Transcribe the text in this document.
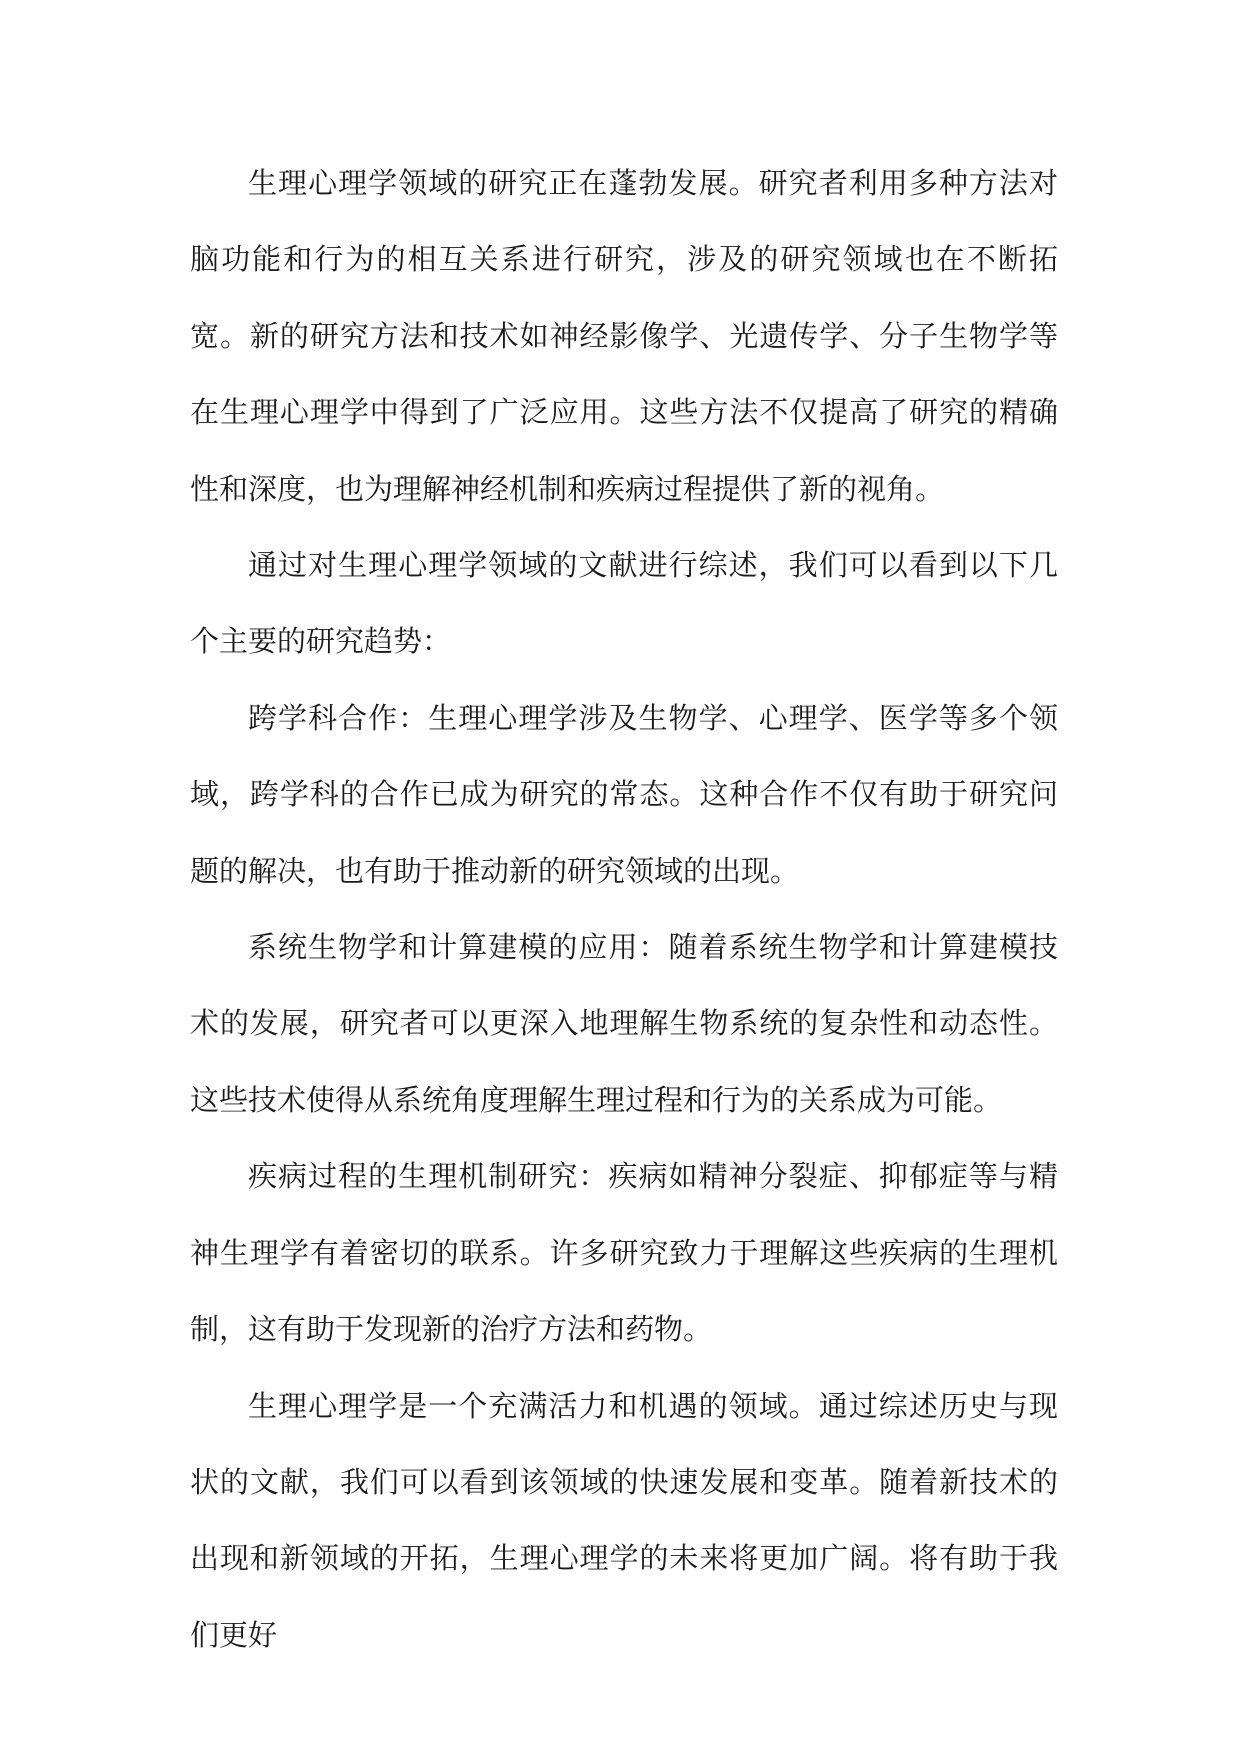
生理心理学领域的研究正在蓬勃发展。研究者利用多种方法对脑功能和行为的相互关系进行研究，涉及的研究领域也在不断拓宽。新的研究方法和技术如神经影像学、光遗传学、分子生物学等在生理心理学中得到了广泛应用。这些方法不仅提高了研究的精确性和深度，也为理解神经机制和疾病过程提供了新的视角。

通过对生理心理学领域的文献进行综述，我们可以看到以下几个主要的研究趋势：

跨学科合作：生理心理学涉及生物学、心理学、医学等多个领域，跨学科的合作已成为研究的常态。这种合作不仅有助于研究问题的解决，也有助于推动新的研究领域的出现。

系统生物学和计算建模的应用：随着系统生物学和计算建模技术的发展，研究者可以更深入地理解生物系统的复杂性和动态性。这些技术使得从系统角度理解生理过程和行为的关系成为可能。

疾病过程的生理机制研究：疾病如精神分裂症、抑郁症等与精神生理学有着密切的联系。许多研究致力于理解这些疾病的生理机制，这有助于发现新的治疗方法和药物。

生理心理学是一个充满活力和机遇的领域。通过综述历史与现状的文献，我们可以看到该领域的快速发展和变革。随着新技术的出现和新领域的开拓，生理心理学的未来将更加广阔。将有助于我们更好
